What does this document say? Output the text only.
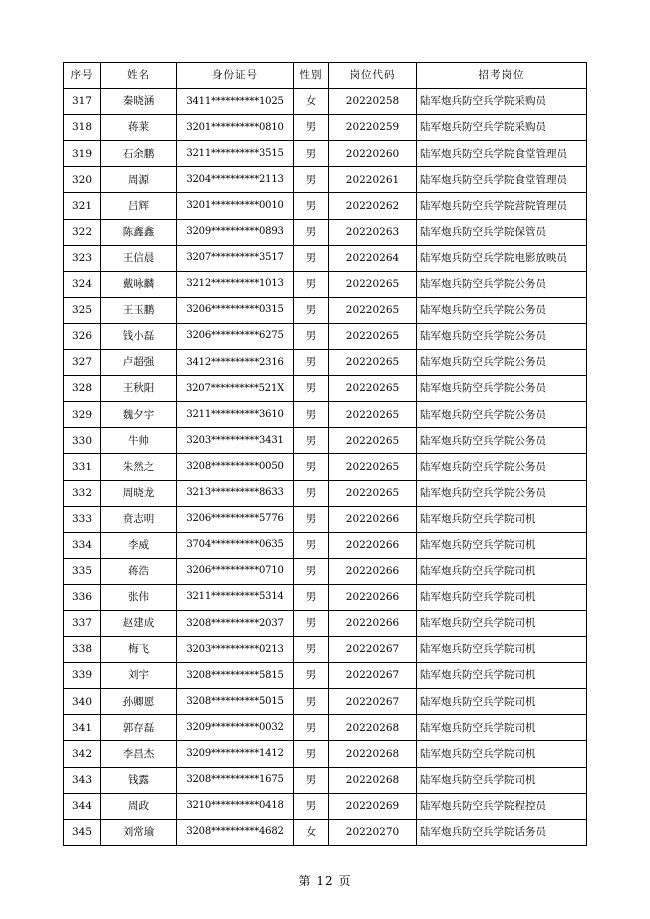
序号	姓名	身份证号	性别	岗位代码	招考岗位
317	秦晓涵	3411**********1025	女	20220258	陆军炮兵防空兵学院采购员
318	蒋莱	3201**********0810	男	20220259	陆军炮兵防空兵学院采购员
319	石余鹏	3211**********3515	男	20220260	陆军炮兵防空兵学院食堂管理员
320	周源	3204**********2113	男	20220261	陆军炮兵防空兵学院食堂管理员
321	吕辉	3201**********0010	男	20220262	陆军炮兵防空兵学院营院管理员
322	陈鑫鑫	3209**********0893	男	20220263	陆军炮兵防空兵学院保管员
323	王信晨	3207**********3517	男	20220264	陆军炮兵防空兵学院电影放映员
324	戴咏麟	3212**********1013	男	20220265	陆军炮兵防空兵学院公务员
325	王玉鹏	3206**********0315	男	20220265	陆军炮兵防空兵学院公务员
326	钱小磊	3206**********6275	男	20220265	陆军炮兵防空兵学院公务员
327	卢超强	3412**********2316	男	20220265	陆军炮兵防空兵学院公务员
328	王秋阳	3207**********521X	男	20220265	陆军炮兵防空兵学院公务员
329	魏夕宇	3211**********3610	男	20220265	陆军炮兵防空兵学院公务员
330	牛帅	3203**********3431	男	20220265	陆军炮兵防空兵学院公务员
331	朱然之	3208**********0050	男	20220265	陆军炮兵防空兵学院公务员
332	周晓龙	3213**********8633	男	20220265	陆军炮兵防空兵学院公务员
333	贲志明	3206**********5776	男	20220266	陆军炮兵防空兵学院司机
334	李威	3704**********0635	男	20220266	陆军炮兵防空兵学院司机
335	蒋浩	3206**********0710	男	20220266	陆军炮兵防空兵学院司机
336	张伟	3211**********5314	男	20220266	陆军炮兵防空兵学院司机
337	赵建成	3208**********2037	男	20220266	陆军炮兵防空兵学院司机
338	梅飞	3203**********0213	男	20220267	陆军炮兵防空兵学院司机
339	刘宇	3208**********5815	男	20220267	陆军炮兵防空兵学院司机
340	孙卿愿	3208**********5015	男	20220267	陆军炮兵防空兵学院司机
341	郭存磊	3209**********0032	男	20220268	陆军炮兵防空兵学院司机
342	李昌杰	3209**********1412	男	20220268	陆军炮兵防空兵学院司机
343	钱露	3208**********1675	男	20220268	陆军炮兵防空兵学院司机
344	周政	3210**********0418	男	20220269	陆军炮兵防空兵学院程控员
345	刘常瑜	3208**********4682	女	20220270	陆军炮兵防空兵学院话务员
第 12 页
